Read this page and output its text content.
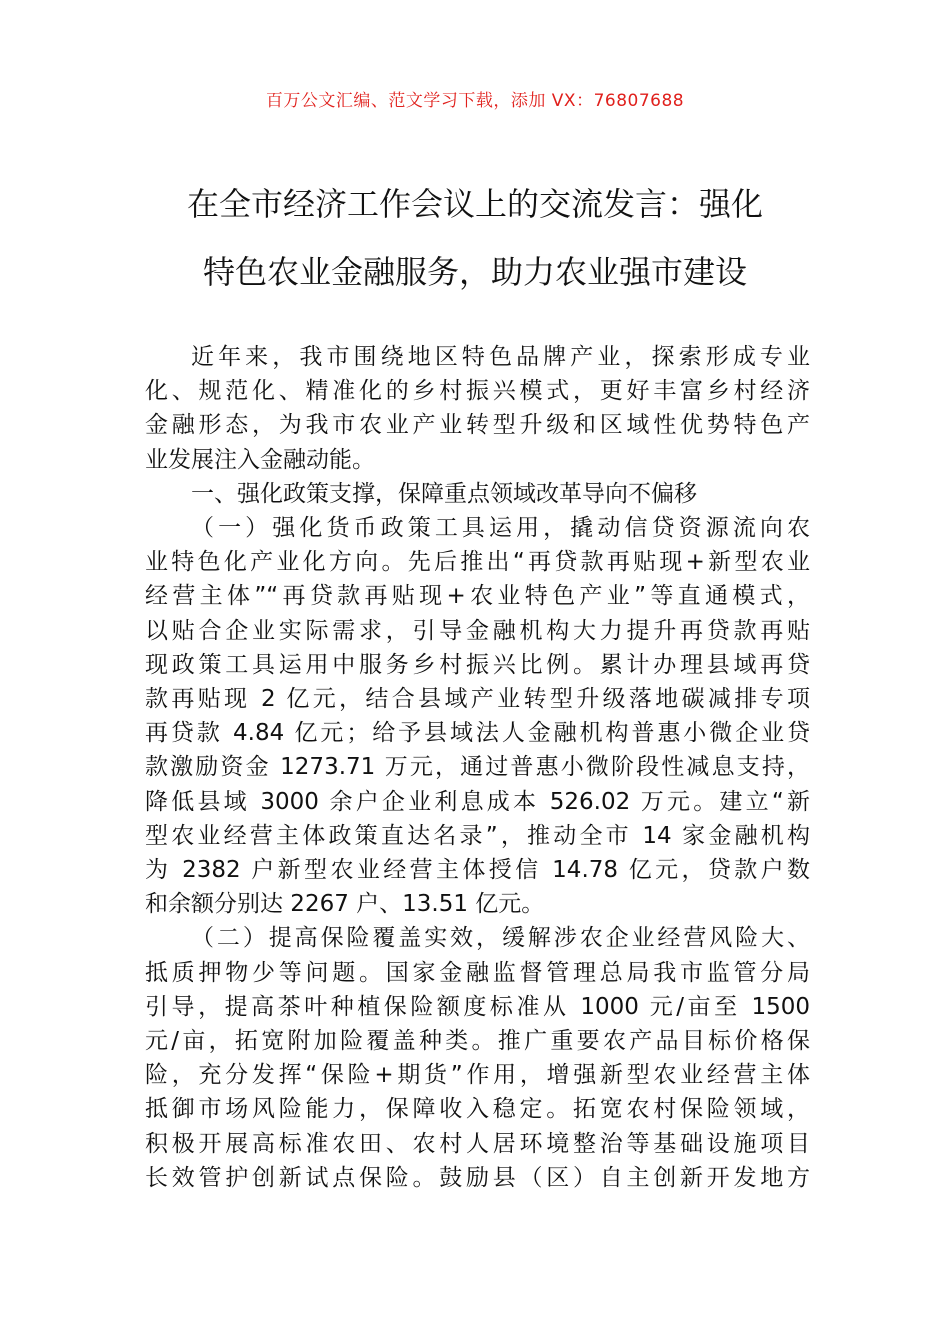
百万公文汇编、范文学习下载，添加 VX：76807688
在全市经济工作会议上的交流发言：强化
特色农业金融服务，助力农业强市建设

近年来，我市围绕地区特色品牌产业，探索形成专业
化、规范化、精准化的乡村振兴模式，更好丰富乡村经济
金融形态，为我市农业产业转型升级和区域性优势特色产
业发展注入金融动能。

一、强化政策支撑，保障重点领域改革导向不偏移

（一）强化货币政策工具运用，撬动信贷资源流向农
业特色化产业化方向。先后推出“再贷款再贴现+新型农业
经营主体”“再贷款再贴现+农业特色产业”等直通模式，
以贴合企业实际需求，引导金融机构大力提升再贷款再贴
现政策工具运用中服务乡村振兴比例。累计办理县域再贷
款再贴现 2 亿元，结合县域产业转型升级落地碳减排专项
再贷款 4.84 亿元；给予县域法人金融机构普惠小微企业贷
款激励资金 1273.71 万元，通过普惠小微阶段性减息支持，
降低县域 3000 余户企业利息成本 526.02 万元。建立“新
型农业经营主体政策直达名录”，推动全市 14 家金融机构
为 2382 户新型农业经营主体授信 14.78 亿元，贷款户数
和余额分别达 2267 户、13.51 亿元。

（二）提高保险覆盖实效，缓解涉农企业经营风险大、
抵质押物少等问题。国家金融监督管理总局我市监管分局
引导，提高茶叶种植保险额度标准从 1000 元/亩至 1500
元/亩，拓宽附加险覆盖种类。推广重要农产品目标价格保
险，充分发挥“保险+期货”作用，增强新型农业经营主体
抵御市场风险能力，保障收入稳定。拓宽农村保险领域，
积极开展高标准农田、农村人居环境整治等基础设施项目
长效管护创新试点保险。鼓励县（区）自主创新开发地方
